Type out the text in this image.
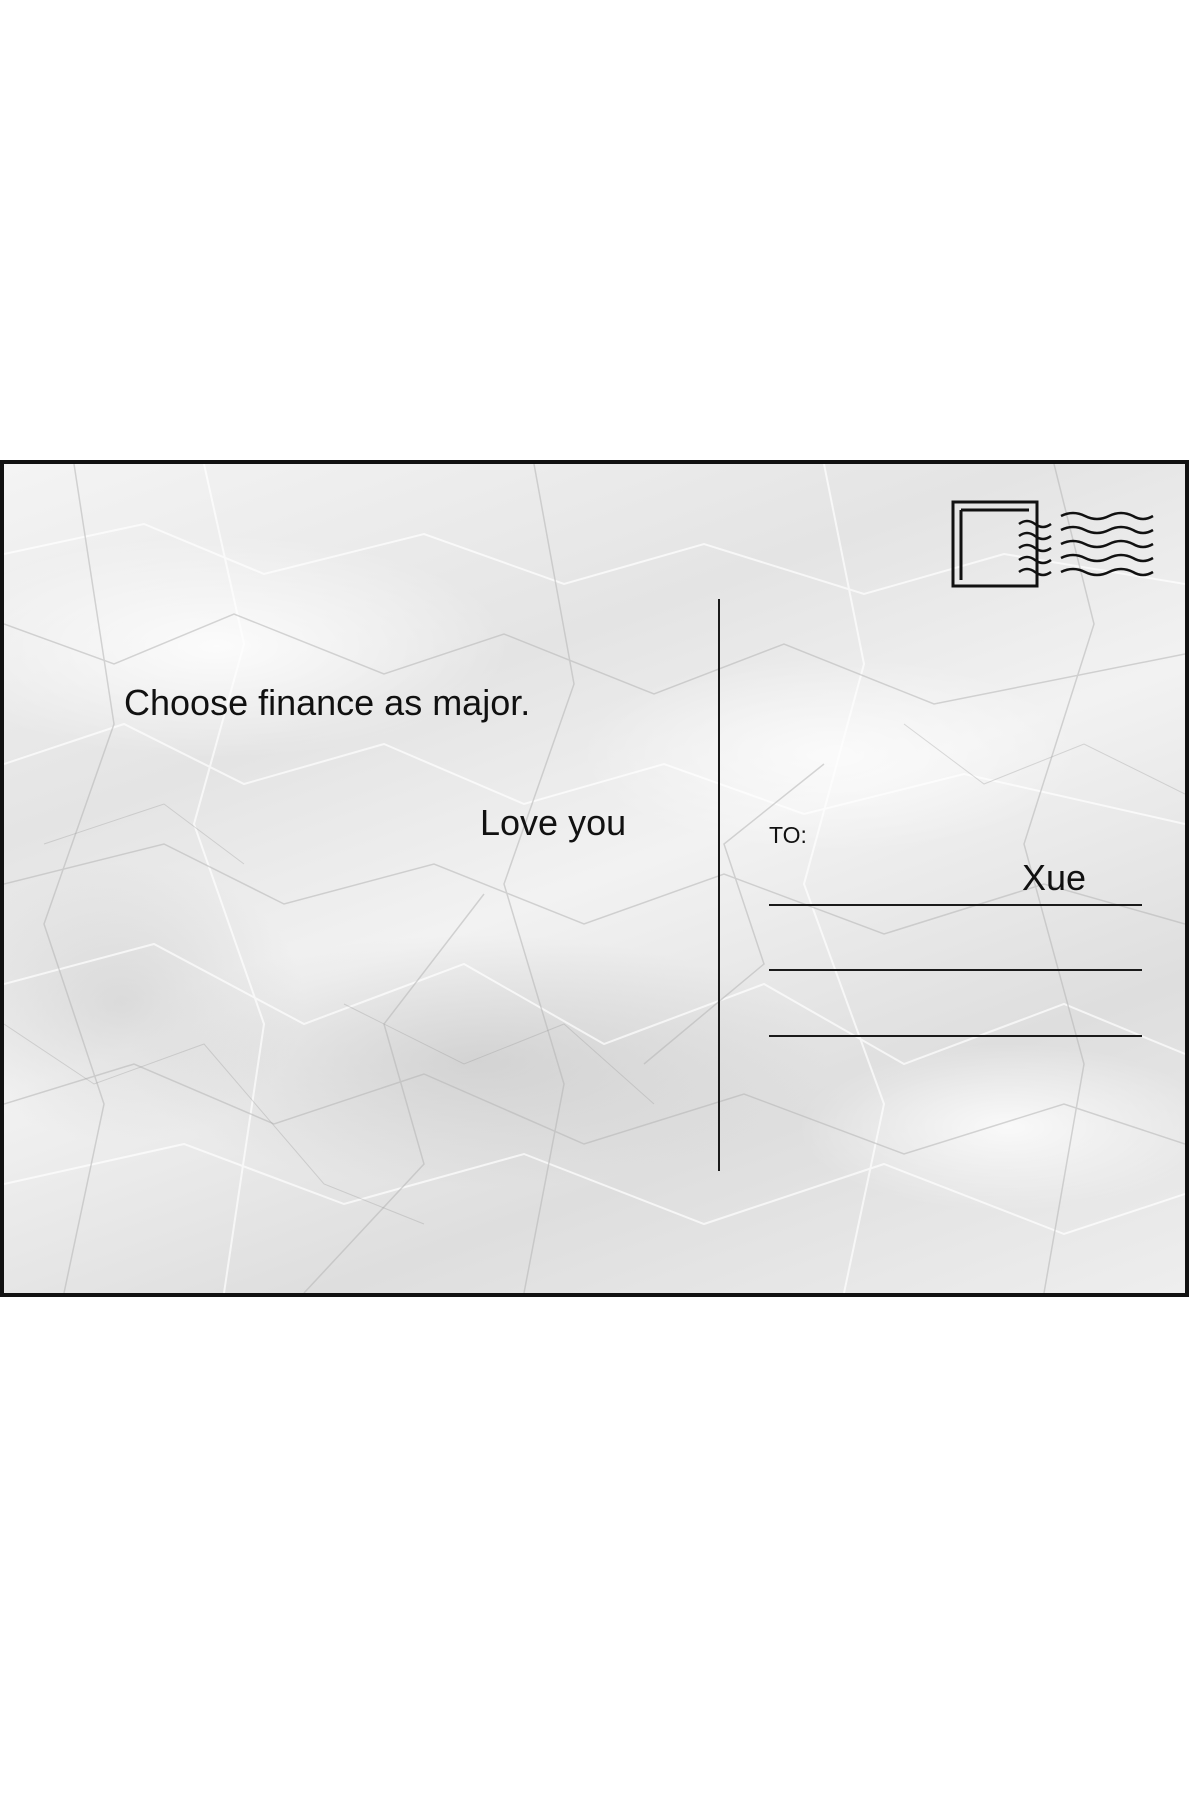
Choose finance as major.
Love you	TO:
Xue
